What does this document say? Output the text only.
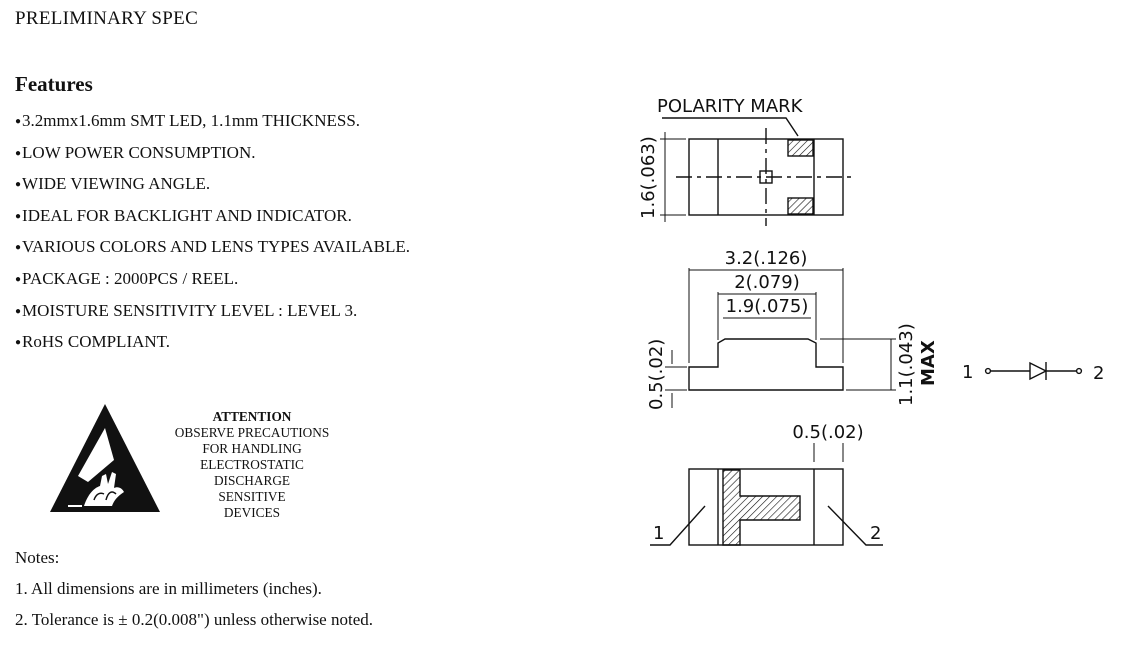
PRELIMINARY SPEC
Features
● 3.2mmx1.6mm SMT LED, 1.1mm THICKNESS.
● LOW POWER CONSUMPTION.
● WIDE VIEWING ANGLE.
● IDEAL FOR BACKLIGHT AND INDICATOR.
● VARIOUS COLORS AND LENS TYPES AVAILABLE.
● PACKAGE : 2000PCS / REEL.
● MOISTURE SENSITIVITY LEVEL : LEVEL 3.
● RoHS COMPLIANT.
ATTENTION
OBSERVE PRECAUTIONS
FOR HANDLING
ELECTROSTATIC
DISCHARGE
SENSITIVE
DEVICES
Notes:
1. All dimensions are in millimeters (inches).
2. Tolerance is ± 0.2(0.008") unless otherwise noted.
POLARITY MARK
1.6(.063)
3.2(.126)
2(.079)
1.9(.075)
0.5(.02)	1.1(.043) MAX 1	2
0.5(.02)
1	2
